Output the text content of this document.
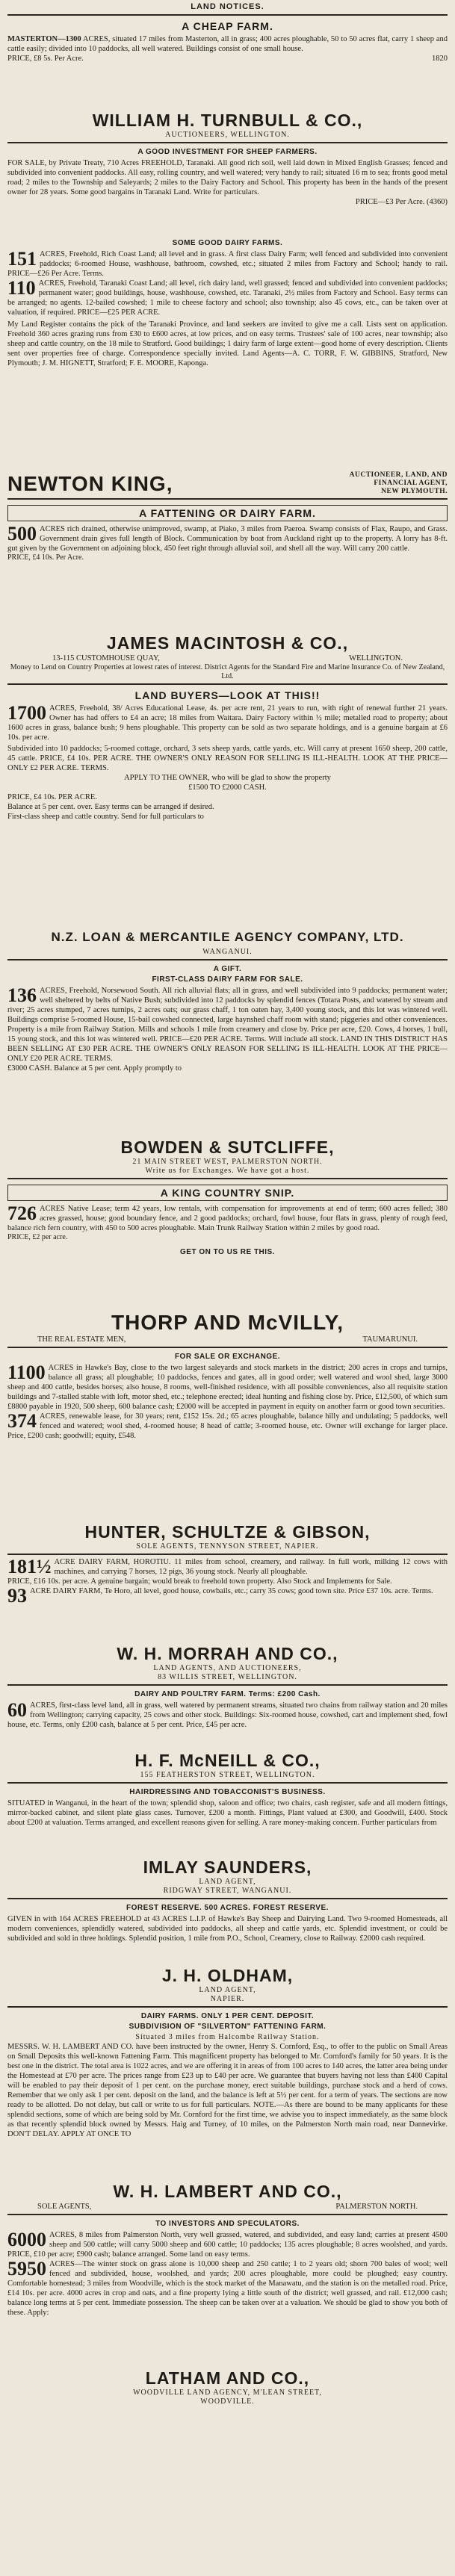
LAND NOTICES.
A CHEAP FARM.

MASTERTON—1300 ACRES, situated 17 miles from Masterton, all in grass; 400 acres ploughable, 50 to 50 acres flat, carry 1 sheep and cattle easily; divided into 10 paddocks, all well watered. Buildings consist of one small house.

PRICE, £8 5s. Per Acre.	1820
WILLIAM H. TURNBULL & CO.,
AUCTIONEERS, WELLINGTON.
A GOOD INVESTMENT FOR SHEEP FARMERS.

FOR SALE, by Private Treaty, 710 Acres FREEHOLD, Taranaki. All good rich soil, well laid down in Mixed English Grasses; fenced and subdivided into convenient paddocks. All easy, rolling country, and well watered; very handy to rail; situated 16 m to sea; fronts good metal road; 2 miles to the Township and Saleyards; 2 miles to the Dairy Factory and School. This property has been in the hands of the present owner for 28 years. Some good bargains in Taranaki Land. Write for particulars.

PRICE—£3 Per Acre. (4360)
SOME GOOD DAIRY FARMS.

151 ACRES, Freehold, Rich Coast Land; all level and in grass. A first class Dairy Farm; well fenced and subdivided into convenient paddocks; 6-roomed House, washhouse, bathroom, cowshed, etc.; situated 2 miles from Factory and School; handy to rail. PRICE—£26 Per Acre. Terms.

110 ACRES, Freehold, Taranaki Coast Land; all level, rich dairy land, well grassed; fenced and subdivided into convenient paddocks; permanent water; good buildings, house, washhouse, cowshed, etc. Taranaki, 2½ miles from Factory and School. Easy terms can be arranged; no agents. 12-bailed cowshed; 1 mile to cheese factory and school; also township; also 45 cows, etc., can be taken over at valuation, if required. PRICE—£25 PER ACRE.

My Land Register contains the pick of the Taranaki Province, and land seekers are invited to give me a call. Lists sent on application. Freehold 360 acres grazing runs from £30 to £600 acres, at low prices, and on easy terms. Trustees' sale of 100 acres, near township; also sheep and cattle country, on the 18 mile to Stratford. Good buildings; 1 dairy farm of large extent—good home of every description. Clients sent over properties free of charge. Correspondence specially invited. Land Agents—A. C. TORR, F. W. GIBBINS, Stratford, New Plymouth; J. M. HIGNETT, Stratford; F. E. MOORE, Kaponga.

NEWTON KING,	AUCTIONEER, LAND, AND
FINANCIAL AGENT,
NEW PLYMOUTH.
A FATTENING OR DAIRY FARM.

500 ACRES rich drained, otherwise unimproved, swamp, at Piako, 3 miles from Paeroa. Swamp consists of Flax, Raupo, and Grass. Government drain gives full length of Block. Communication by boat from Auckland right up to the property. A lorry has 8-ft. gut given by the Government on adjoining block, 450 feet right through alluvial soil, and shell all the way. Will carry 200 cattle.

PRICE, £4 10s. Per Acre.
JAMES MACINTOSH & CO.,
13-115 CUSTOMHOUSE QUAY,	WELLINGTON.

Money to Lend on Country Properties at lowest rates of interest. District Agents for the Standard Fire and Marine Insurance Co. of New Zealand, Ltd.

LAND BUYERS—LOOK AT THIS!!

1700 ACRES, Freehold, 38/ Acres Educational Lease, 4s. per acre rent, 21 years to run, with right of renewal further 21 years. Owner has had offers to £4 an acre; 18 miles from Waitara. Dairy Factory within ½ mile; metalled road to property; about 1600 acres in grass, balance bush; 9 hens ploughable. This property can be sold as two separate holdings, and is a genuine bargain at £6 10s. per acre.

Subdivided into 10 paddocks; 5-roomed cottage, orchard, 3 sets sheep yards, cattle yards, etc. Will carry at present 1650 sheep, 200 cattle, 45 cattle. PRICE, £4 10s. PER ACRE. THE OWNER'S ONLY REASON FOR SELLING IS ILL-HEALTH. LOOK AT THE PRICE—ONLY £2 PER ACRE. TERMS.

APPLY TO THE OWNER, who will be glad to show the property

£1500 TO £2000 CASH.

PRICE, £4 10s. PER ACRE.

Balance at 5 per cent. over. Easy terms can be arranged if desired.

First-class sheep and cattle country. Send for full particulars to

N.Z. LOAN & MERCANTILE AGENCY COMPANY, LTD.
WANGANUI.
A GIFT.
FIRST-CLASS DAIRY FARM FOR SALE.

136 ACRES, Freehold, Norsewood South. All rich alluvial flats; all in grass, and well subdivided into 9 paddocks; permanent water; well sheltered by belts of Native Bush; subdivided into 12 paddocks by splendid fences (Totara Posts, and watered by stream and river; 25 acres stumped, 7 acres turnips, 2 acres oats; our grass chaff, 1 ton oaten hay, 3,400 young stock, and this lot was wintered well. Buildings comprise 5-roomed House, 15-bail cowshed connected, large haynshed chaff room with stand; piggeries and other conveniences. Property is a mile from Railway Station. Mills and schools 1 mile from creamery and close by. Price per acre, £20. Cows, 4 horses, 1 bull, 15 young stock, and this lot was wintered well. PRICE—£20 PER ACRE. Terms. Will include all stock. LAND IN THIS DISTRICT HAS BEEN SELLING AT £30 PER ACRE. THE OWNER'S ONLY REASON FOR SELLING IS ILL-HEALTH. LOOK AT THE PRICE—ONLY £20 PER ACRE. TERMS.

£3000 CASH. Balance at 5 per cent. Apply promptly to

BOWDEN & SUTCLIFFE,
21 MAIN STREET WEST, PALMERSTON NORTH.
Write us for Exchanges. We have got a host.
A KING COUNTRY SNIP.

726 ACRES Native Lease; term 42 years, low rentals, with compensation for improvements at end of term; 600 acres felled; 380 acres grassed, house; good boundary fence, and 2 good paddocks; orchard, fowl house, four flats in grass, plenty of rough feed, balance rich fern country, with 450 to 500 acres ploughable. Main Trunk Railway Station within 2 miles by good road.

PRICE, £2 per acre.
GET ON TO US RE THIS.
THORP AND McVILLY,
THE REAL ESTATE MEN,	TAUMARUNUI.
FOR SALE OR EXCHANGE.

1100 ACRES in Hawke's Bay, close to the two largest saleyards and stock markets in the district; 200 acres in crops and turnips, balance all grass; all ploughable; 10 paddocks, fences and gates, all in good order; well watered and wool shed, large 3000 sheep and 400 cattle, besides horses; also house, 8 rooms, well-finished residence, with all possible conveniences, also all requisite station buildings and 7-stalled stable with loft, motor shed, etc.; telephone erected; ideal hunting and fishing close by. Price, £12,500, of which sum £8800 payable in 1920, 500 sheep, 600 balance cash; £2000 will be accepted in payment in equity on another farm or good town securities.

374 ACRES, renewable lease, for 30 years; rent, £152 15s. 2d.; 65 acres ploughable, balance hilly and undulating; 5 paddocks, well fenced and watered; wool shed, 4-roomed house; 8 head of cattle; 3-roomed house, etc. Owner will exchange for larger place. Price, £200 cash; goodwill; equity, £548.

HUNTER, SCHULTZE & GIBSON,
SOLE AGENTS, TENNYSON STREET, NAPIER.

181½ ACRE DAIRY FARM, HOROTIU. 11 miles from school, creamery, and railway. In full work, milking 12 cows with machines, and carrying 7 horses, 12 pigs, 36 young stock. Nearly all ploughable.

PRICE, £16 10s. per acre. A genuine bargain; would break to freehold town property. Also Stock and Implements for Sale.

93 ACRE DAIRY FARM, Te Horo, all level, good house, cowbails, etc.; carry 35 cows; good town site. Price £37 10s. acre. Terms.

W. H. MORRAH AND CO.,
LAND AGENTS, AND AUCTIONEERS,
83 WILLIS STREET, WELLINGTON.
DAIRY AND POULTRY FARM. Terms: £200 Cash.

60 ACRES, first-class level land, all in grass, well watered by permanent streams, situated two chains from railway station and 20 miles from Wellington; carrying capacity, 25 cows and other stock. Buildings: Six-roomed house, cowshed, cart and implement shed, fowl house, etc. Terms, only £200 cash, balance at 5 per cent. Price, £45 per acre.

H. F. McNEILL & CO.,
155 FEATHERSTON STREET, WELLINGTON.
HAIRDRESSING AND TOBACCONIST'S BUSINESS.

SITUATED in Wanganui, in the heart of the town; splendid shop, saloon and office; two chairs, cash register, safe and all modern fittings, mirror-backed cabinet, and silent plate glass cases. Turnover, £200 a month. Fittings, Plant valued at £300, and Goodwill, £400. Stock about £200 at valuation. Terms arranged, and excellent reasons given for selling. A rare money-making concern. Further particulars from

IMLAY SAUNDERS,
LAND AGENT,
RIDGWAY STREET, WANGANUI.
FOREST RESERVE. 500 ACRES. FOREST RESERVE.

GIVEN in with 164 ACRES FREEHOLD at 43 ACRES L.I.P. of Hawke's Bay Sheep and Dairying Land. Two 9-roomed Homesteads, all modern conveniences, splendidly watered, subdivided into paddocks, all sheep and cattle yards, etc. Splendid investment, or could be subdivided and sold in three holdings. Splendid position, 1 mile from P.O., School, Creamery, close to Railway. £2000 cash required.

J. H. OLDHAM,
LAND AGENT,
NAPIER.
DAIRY FARMS. ONLY 1 PER CENT. DEPOSIT.
SUBDIVISION OF "SILVERTON" FATTENING FARM.
Situated 3 miles from Halcombe Railway Station.

MESSRS. W. H. LAMBERT AND CO. have been instructed by the owner, Henry S. Cornford, Esq., to offer to the public on Small Areas on Small Deposits this well-known Fattening Farm. This magnificent property has belonged to Mr. Cornford's family for 50 years. It is the best one in the district. The total area is 1022 acres, and we are offering it in areas of from 100 acres to 140 acres, the latter area being under the Homestead at £70 per acre. The prices range from £23 up to £40 per acre. We guarantee that buyers having not less than £400 Capital will be enabled to pay their deposit of 1 per cent. on the purchase money, erect suitable buildings, purchase stock and a herd of cows. Remember that we only ask 1 per cent. deposit on the land, and the balance is left at 5½ per cent. for a term of years. The sections are now ready to be allotted. Do not delay, but call or write to us for full particulars. NOTE.—As there are bound to be many applicants for these splendid sections, some of which are being sold by Mr. Cornford for the first time, we advise you to inspect immediately, as the same block as that recently splendid block owned by Messrs. Haig and Turney, of 10 miles, on the Palmerston North main road, near Dannevirke. DON'T DELAY. APPLY AT ONCE TO

W. H. LAMBERT AND CO.,
SOLE AGENTS,	PALMERSTON NORTH.
TO INVESTORS AND SPECULATORS.

6000 ACRES, 8 miles from Palmerston North, very well grassed, watered, and subdivided, and easy land; carries at present 4500 sheep and 500 cattle; will carry 5000 sheep and 600 cattle; 10 paddocks; 135 acres ploughable; 8 acres woolshed, and yards. PRICE, £10 per acre; £900 cash; balance arranged. Some land on easy terms.

5950 ACRES—The winter stock on grass alone is 10,000 sheep and 250 cattle; 1 to 2 years old; shorn 700 bales of wool; well fenced and subdivided, house, woolshed, and yards; 200 acres ploughable, more could be ploughed; easy country. Comfortable homestead; 3 miles from Woodville, which is the stock market of the Manawatu, and the station is on the metalled road. Price, £14 10s. per acre. 4000 acres in crop and oats, and a fine property lying a little south of the district; well grassed, and rail. £12,000 cash; balance long terms at 5 per cent. Immediate possession. The sheep can be taken over at a valuation. We should be glad to show you both of these. Apply:

LATHAM AND CO.,
WOODVILLE LAND AGENCY, M'LEAN STREET,
WOODVILLE.
